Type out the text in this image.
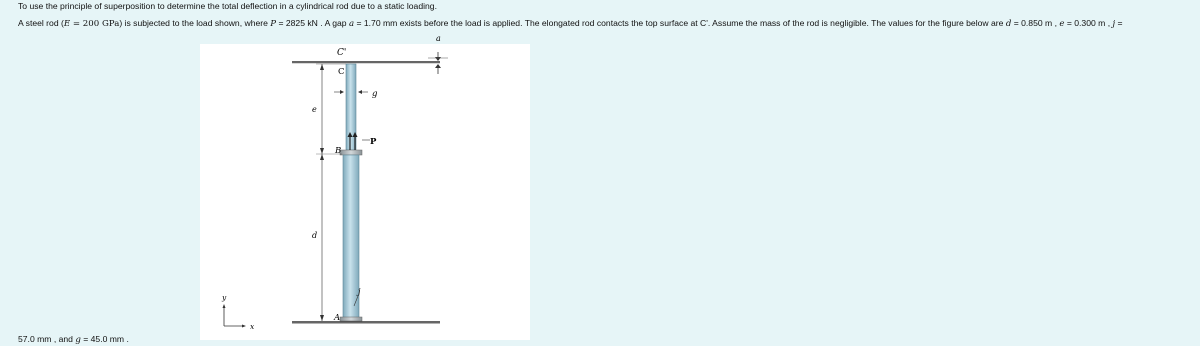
To use the principle of superposition to determine the total deflection in a cylindrical rod due to a static loading.
A steel rod (E = 200 GPa) is subjected to the load shown, where P = 2825 kN . A gap a = 1.70 mm exists before the load is applied. The elongated rod contacts the top surface at C'. Assume the mass of the rod is negligible. The values for the figure below are d = 0.850 m , e = 0.300 m , j =
C'
C
a
g
e
B
P
d
j
A
y
x
57.0 mm , and g = 45.0 mm .
